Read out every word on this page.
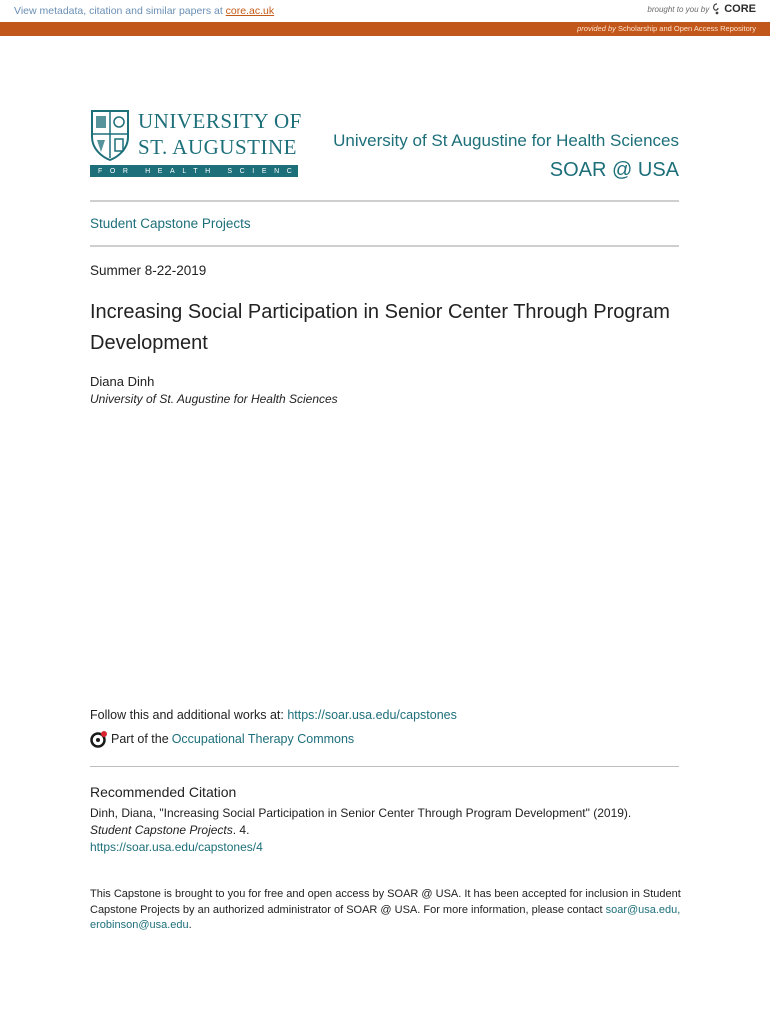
View metadata, citation and similar papers at core.ac.uk	brought to you by CORE
provided by Scholarship and Open Access Repository
UNIVERSITY OF
ST. AUGUSTINE
FOR HEALTH SCIENCES
University of St Augustine for Health Sciences
SOAR @ USA
Student Capstone Projects
Summer 8-22-2019
Increasing Social Participation in Senior Center Through Program Development
Diana Dinh
University of St. Augustine for Health Sciences
Follow this and additional works at: https://soar.usa.edu/capstones
Part of the Occupational Therapy Commons
Recommended Citation
Dinh, Diana, "Increasing Social Participation in Senior Center Through Program Development" (2019).
Student Capstone Projects. 4.
https://soar.usa.edu/capstones/4
This Capstone is brought to you for free and open access by SOAR @ USA. It has been accepted for inclusion in Student Capstone Projects by an authorized administrator of SOAR @ USA. For more information, please contact soar@usa.edu, erobinson@usa.edu.
